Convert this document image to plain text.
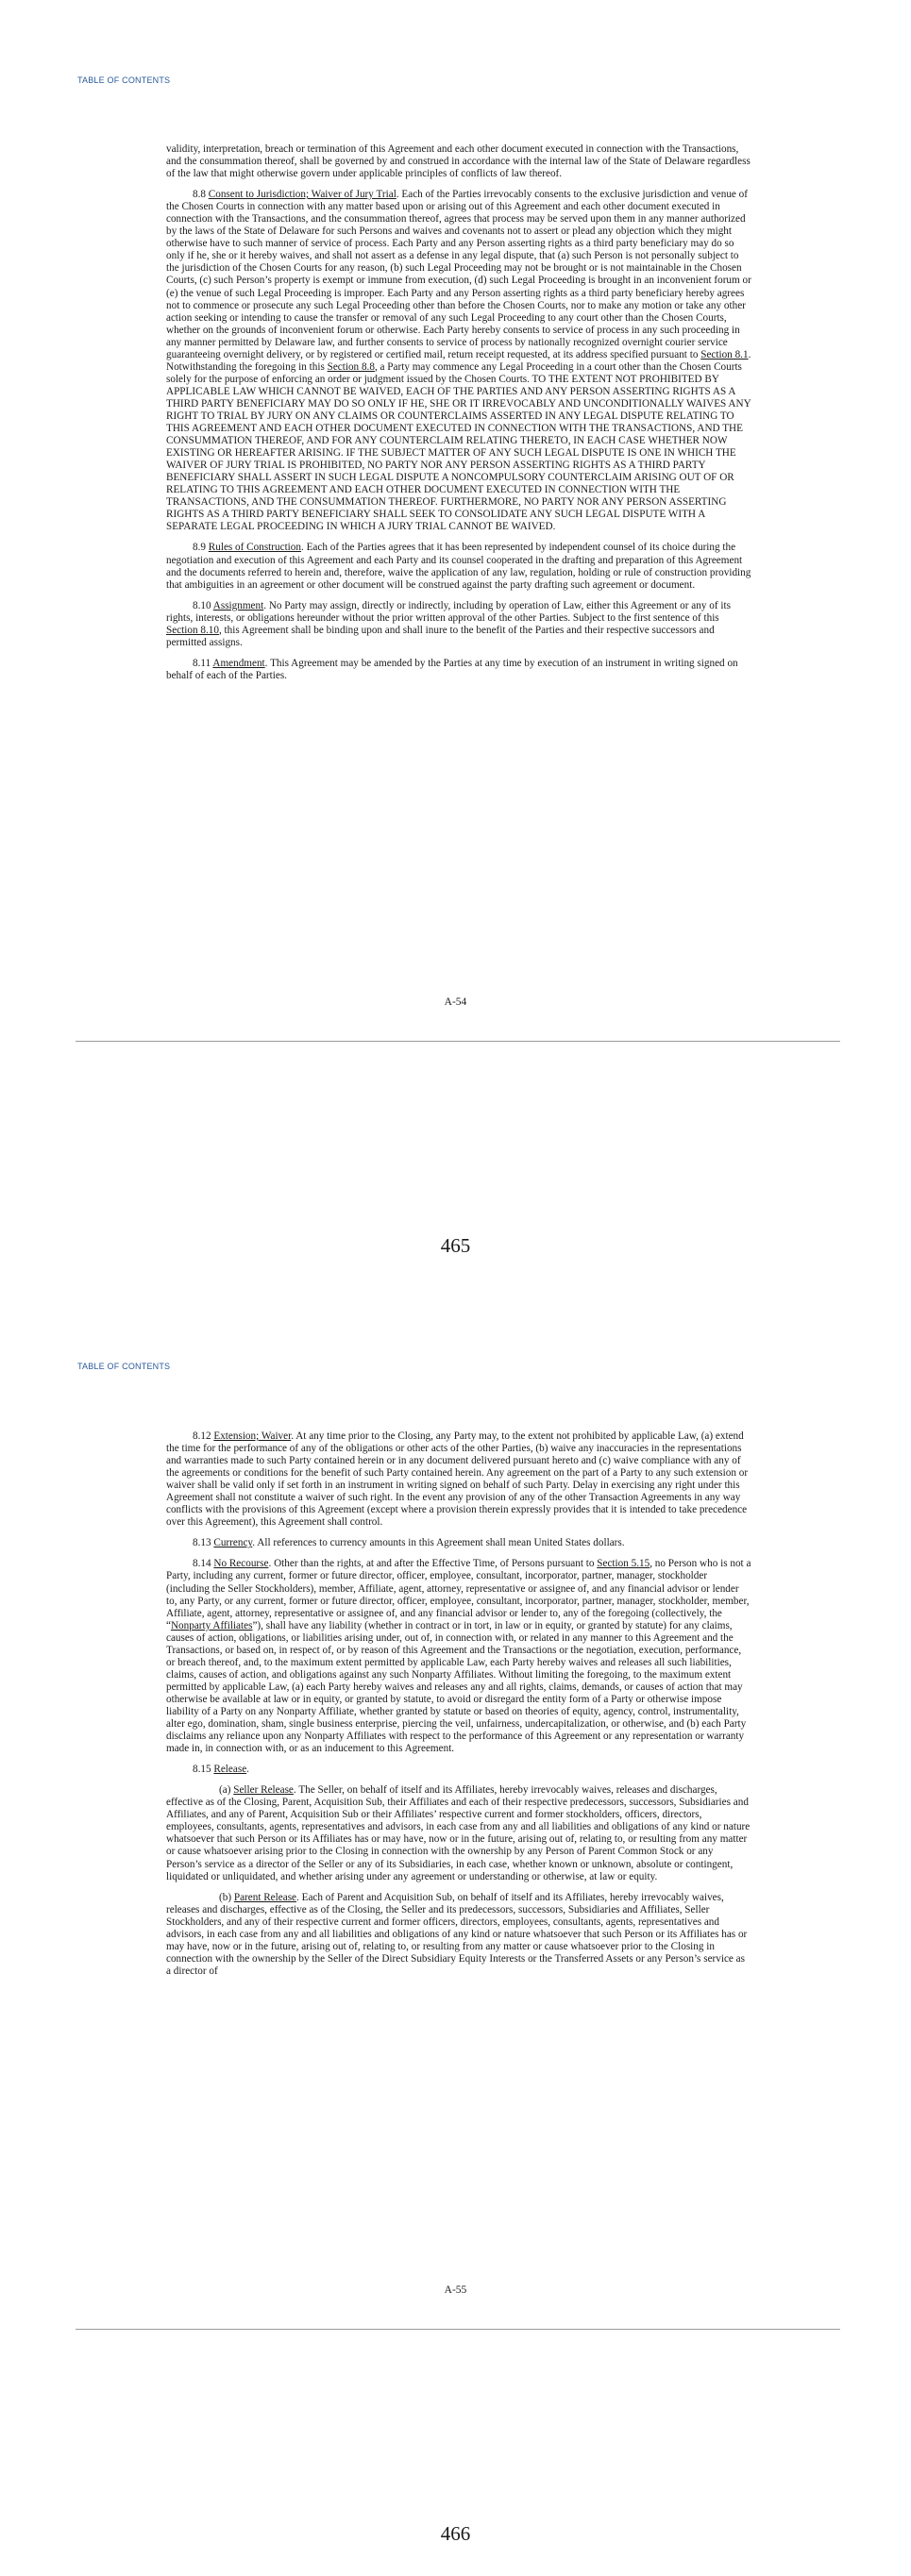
TABLE OF CONTENTS

validity, interpretation, breach or termination of this Agreement and each other document executed in connection with the Transactions, and the consummation thereof, shall be governed by and construed in accordance with the internal law of the State of Delaware regardless of the law that might otherwise govern under applicable principles of conflicts of law thereof.

8.8 Consent to Jurisdiction; Waiver of Jury Trial. Each of the Parties irrevocably consents to the exclusive jurisdiction and venue of the Chosen Courts in connection with any matter based upon or arising out of this Agreement and each other document executed in connection with the Transactions, and the consummation thereof, agrees that process may be served upon them in any manner authorized by the laws of the State of Delaware for such Persons and waives and covenants not to assert or plead any objection which they might otherwise have to such manner of service of process. Each Party and any Person asserting rights as a third party beneficiary may do so only if he, she or it hereby waives, and shall not assert as a defense in any legal dispute, that (a) such Person is not personally subject to the jurisdiction of the Chosen Courts for any reason, (b) such Legal Proceeding may not be brought or is not maintainable in the Chosen Courts, (c) such Person’s property is exempt or immune from execution, (d) such Legal Proceeding is brought in an inconvenient forum or (e) the venue of such Legal Proceeding is improper. Each Party and any Person asserting rights as a third party beneficiary hereby agrees not to commence or prosecute any such Legal Proceeding other than before the Chosen Courts, nor to make any motion or take any other action seeking or intending to cause the transfer or removal of any such Legal Proceeding to any court other than the Chosen Courts, whether on the grounds of inconvenient forum or otherwise. Each Party hereby consents to service of process in any such proceeding in any manner permitted by Delaware law, and further consents to service of process by nationally recognized overnight courier service guaranteeing overnight delivery, or by registered or certified mail, return receipt requested, at its address specified pursuant to Section 8.1. Notwithstanding the foregoing in this Section 8.8, a Party may commence any Legal Proceeding in a court other than the Chosen Courts solely for the purpose of enforcing an order or judgment issued by the Chosen Courts. TO THE EXTENT NOT PROHIBITED BY APPLICABLE LAW WHICH CANNOT BE WAIVED, EACH OF THE PARTIES AND ANY PERSON ASSERTING RIGHTS AS A THIRD PARTY BENEFICIARY MAY DO SO ONLY IF HE, SHE OR IT IRREVOCABLY AND UNCONDITIONALLY WAIVES ANY RIGHT TO TRIAL BY JURY ON ANY CLAIMS OR COUNTERCLAIMS ASSERTED IN ANY LEGAL DISPUTE RELATING TO THIS AGREEMENT AND EACH OTHER DOCUMENT EXECUTED IN CONNECTION WITH THE TRANSACTIONS, AND THE CONSUMMATION THEREOF, AND FOR ANY COUNTERCLAIM RELATING THERETO, IN EACH CASE WHETHER NOW EXISTING OR HEREAFTER ARISING. IF THE SUBJECT MATTER OF ANY SUCH LEGAL DISPUTE IS ONE IN WHICH THE WAIVER OF JURY TRIAL IS PROHIBITED, NO PARTY NOR ANY PERSON ASSERTING RIGHTS AS A THIRD PARTY BENEFICIARY SHALL ASSERT IN SUCH LEGAL DISPUTE A NONCOMPULSORY COUNTERCLAIM ARISING OUT OF OR RELATING TO THIS AGREEMENT AND EACH OTHER DOCUMENT EXECUTED IN CONNECTION WITH THE TRANSACTIONS, AND THE CONSUMMATION THEREOF. FURTHERMORE, NO PARTY NOR ANY PERSON ASSERTING RIGHTS AS A THIRD PARTY BENEFICIARY SHALL SEEK TO CONSOLIDATE ANY SUCH LEGAL DISPUTE WITH A SEPARATE LEGAL PROCEEDING IN WHICH A JURY TRIAL CANNOT BE WAIVED.

8.9 Rules of Construction. Each of the Parties agrees that it has been represented by independent counsel of its choice during the negotiation and execution of this Agreement and each Party and its counsel cooperated in the drafting and preparation of this Agreement and the documents referred to herein and, therefore, waive the application of any law, regulation, holding or rule of construction providing that ambiguities in an agreement or other document will be construed against the party drafting such agreement or document.

8.10 Assignment. No Party may assign, directly or indirectly, including by operation of Law, either this Agreement or any of its rights, interests, or obligations hereunder without the prior written approval of the other Parties. Subject to the first sentence of this Section 8.10, this Agreement shall be binding upon and shall inure to the benefit of the Parties and their respective successors and permitted assigns.

8.11 Amendment. This Agreement may be amended by the Parties at any time by execution of an instrument in writing signed on behalf of each of the Parties.

A-54
465
TABLE OF CONTENTS

8.12 Extension; Waiver. At any time prior to the Closing, any Party may, to the extent not prohibited by applicable Law, (a) extend the time for the performance of any of the obligations or other acts of the other Parties, (b) waive any inaccuracies in the representations and warranties made to such Party contained herein or in any document delivered pursuant hereto and (c) waive compliance with any of the agreements or conditions for the benefit of such Party contained herein. Any agreement on the part of a Party to any such extension or waiver shall be valid only if set forth in an instrument in writing signed on behalf of such Party. Delay in exercising any right under this Agreement shall not constitute a waiver of such right. In the event any provision of any of the other Transaction Agreements in any way conflicts with the provisions of this Agreement (except where a provision therein expressly provides that it is intended to take precedence over this Agreement), this Agreement shall control.

8.13 Currency. All references to currency amounts in this Agreement shall mean United States dollars.

8.14 No Recourse. Other than the rights, at and after the Effective Time, of Persons pursuant to Section 5.15, no Person who is not a Party, including any current, former or future director, officer, employee, consultant, incorporator, partner, manager, stockholder (including the Seller Stockholders), member, Affiliate, agent, attorney, representative or assignee of, and any financial advisor or lender to, any Party, or any current, former or future director, officer, employee, consultant, incorporator, partner, manager, stockholder, member, Affiliate, agent, attorney, representative or assignee of, and any financial advisor or lender to, any of the foregoing (collectively, the “Nonparty Affiliates”), shall have any liability (whether in contract or in tort, in law or in equity, or granted by statute) for any claims, causes of action, obligations, or liabilities arising under, out of, in connection with, or related in any manner to this Agreement and the Transactions, or based on, in respect of, or by reason of this Agreement and the Transactions or the negotiation, execution, performance, or breach thereof, and, to the maximum extent permitted by applicable Law, each Party hereby waives and releases all such liabilities, claims, causes of action, and obligations against any such Nonparty Affiliates. Without limiting the foregoing, to the maximum extent permitted by applicable Law, (a) each Party hereby waives and releases any and all rights, claims, demands, or causes of action that may otherwise be available at law or in equity, or granted by statute, to avoid or disregard the entity form of a Party or otherwise impose liability of a Party on any Nonparty Affiliate, whether granted by statute or based on theories of equity, agency, control, instrumentality, alter ego, domination, sham, single business enterprise, piercing the veil, unfairness, undercapitalization, or otherwise, and (b) each Party disclaims any reliance upon any Nonparty Affiliates with respect to the performance of this Agreement or any representation or warranty made in, in connection with, or as an inducement to this Agreement.

8.15 Release.

(a) Seller Release. The Seller, on behalf of itself and its Affiliates, hereby irrevocably waives, releases and discharges, effective as of the Closing, Parent, Acquisition Sub, their Affiliates and each of their respective predecessors, successors, Subsidiaries and Affiliates, and any of Parent, Acquisition Sub or their Affiliates’ respective current and former stockholders, officers, directors, employees, consultants, agents, representatives and advisors, in each case from any and all liabilities and obligations of any kind or nature whatsoever that such Person or its Affiliates has or may have, now or in the future, arising out of, relating to, or resulting from any matter or cause whatsoever arising prior to the Closing in connection with the ownership by any Person of Parent Common Stock or any Person’s service as a director of the Seller or any of its Subsidiaries, in each case, whether known or unknown, absolute or contingent, liquidated or unliquidated, and whether arising under any agreement or understanding or otherwise, at law or equity.

(b) Parent Release. Each of Parent and Acquisition Sub, on behalf of itself and its Affiliates, hereby irrevocably waives, releases and discharges, effective as of the Closing, the Seller and its predecessors, successors, Subsidiaries and Affiliates, Seller Stockholders, and any of their respective current and former officers, directors, employees, consultants, agents, representatives and advisors, in each case from any and all liabilities and obligations of any kind or nature whatsoever that such Person or its Affiliates has or may have, now or in the future, arising out of, relating to, or resulting from any matter or cause whatsoever prior to the Closing in connection with the ownership by the Seller of the Direct Subsidiary Equity Interests or the Transferred Assets or any Person’s service as a director of

A-55
466
